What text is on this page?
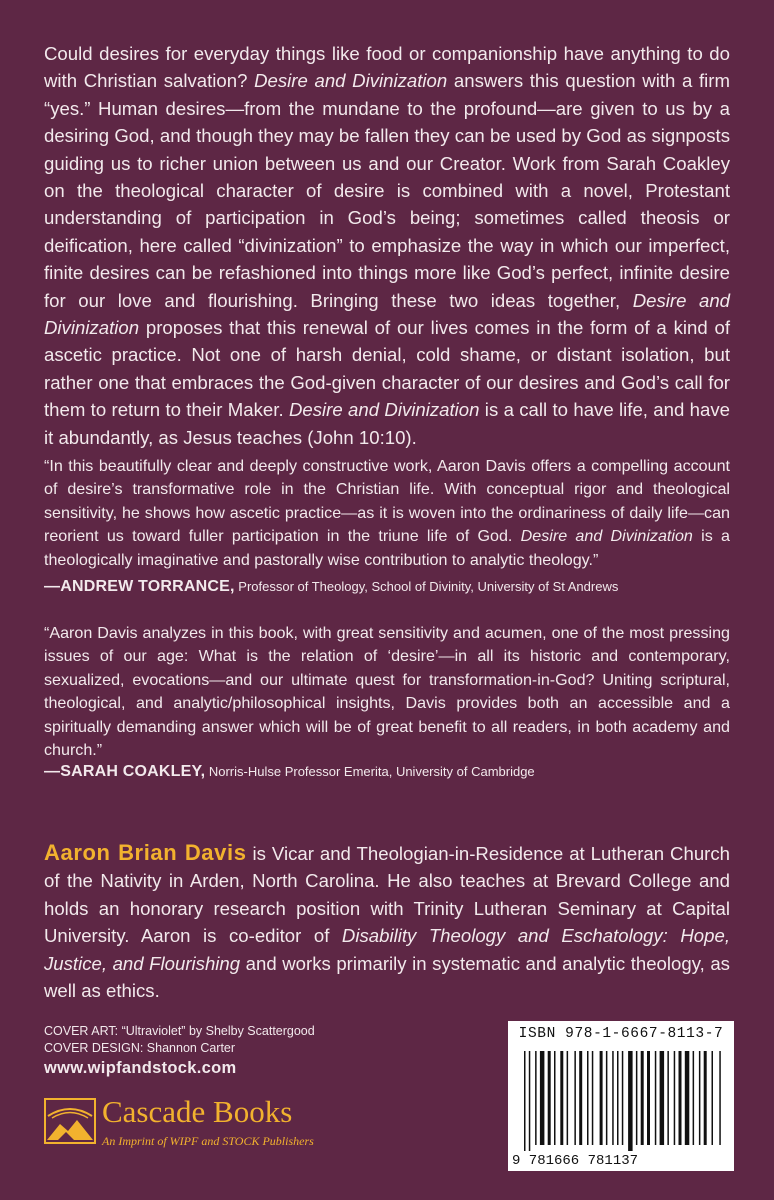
Could desires for everyday things like food or companionship have anything to do with Christian salvation? Desire and Divinization answers this question with a firm “yes.” Human desires—from the mundane to the profound—are given to us by a desiring God, and though they may be fallen they can be used by God as signposts guiding us to richer union between us and our Creator. Work from Sarah Coakley on the theological character of desire is combined with a novel, Protestant understanding of participation in God’s being; sometimes called theosis or deification, here called “divinization” to emphasize the way in which our imperfect, finite desires can be refashioned into things more like God’s perfect, infinite desire for our love and flourishing. Bringing these two ideas together, Desire and Divinization proposes that this renewal of our lives comes in the form of a kind of ascetic practice. Not one of harsh denial, cold shame, or distant isolation, but rather one that embraces the God-given character of our desires and God’s call for them to return to their Maker. Desire and Divinization is a call to have life, and have it abundantly, as Jesus teaches (John 10:10).

“In this beautifully clear and deeply constructive work, Aaron Davis offers a compelling account of desire’s transformative role in the Christian life. With conceptual rigor and theological sensitivity, he shows how ascetic practice—as it is woven into the ordinariness of daily life—can reorient us toward fuller participation in the triune life of God. Desire and Divinization is a theologically imaginative and pastorally wise contribution to analytic theology.”

—ANDREW TORRANCE, Professor of Theology, School of Divinity, University of St Andrews

“Aaron Davis analyzes in this book, with great sensitivity and acumen, one of the most pressing issues of our age: What is the relation of ‘desire’—in all its historic and contemporary, sexualized, evocations—and our ultimate quest for transformation-in-God? Uniting scriptural, theological, and analytic/philosophical insights, Davis provides both an accessible and a spiritually demanding answer which will be of great benefit to all readers, in both academy and church.”

—SARAH COAKLEY, Norris-Hulse Professor Emerita, University of Cambridge

Aaron Brian Davis is Vicar and Theologian-in-Residence at Lutheran Church of the Nativity in Arden, North Carolina. He also teaches at Brevard College and holds an honorary research position with Trinity Lutheran Seminary at Capital University. Aaron is co-editor of Disability Theology and Eschatology: Hope, Justice, and Flourishing and works primarily in systematic and analytic theology, as well as ethics.

COVER ART: “Ultraviolet” by Shelby Scattergood
COVER DESIGN: Shannon Carter
www.wipfandstock.com
Cascade Books
An Imprint of WIPF and STOCK Publishers
ISBN 978-1-6667-8113-7
9 781666 781137
